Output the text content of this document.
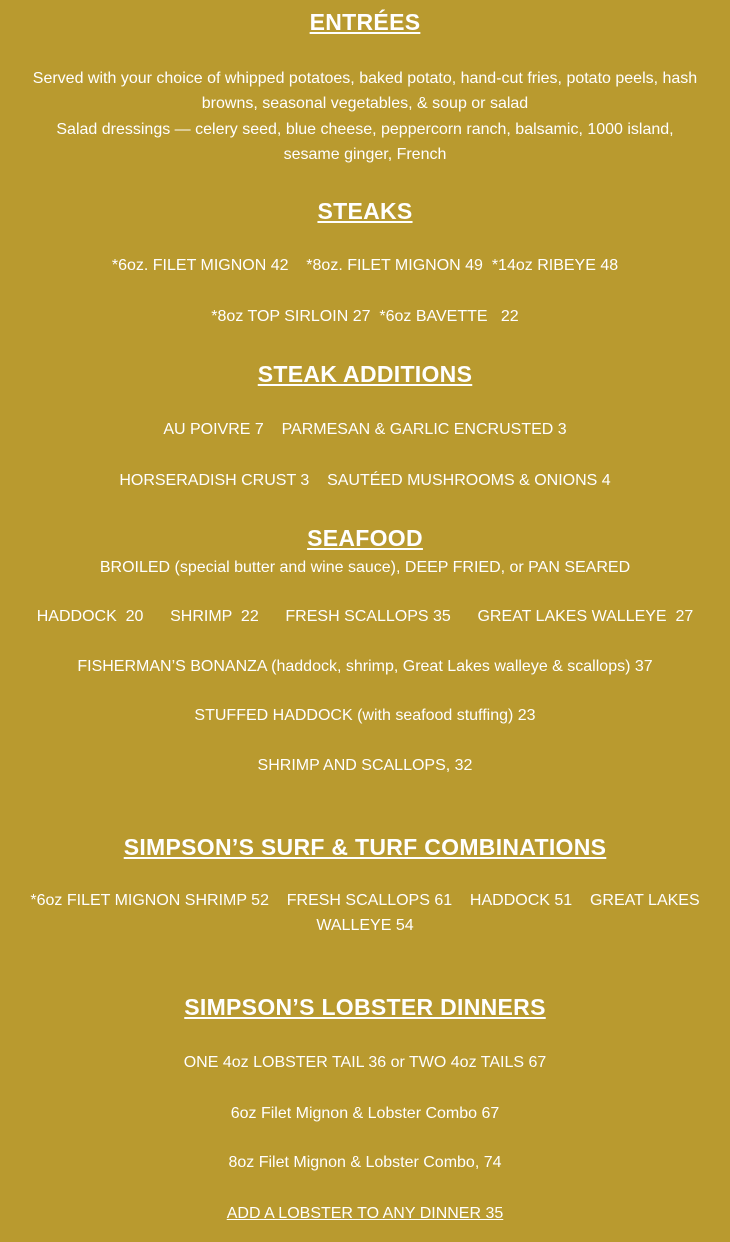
ENTRÉES

Served with your choice of whipped potatoes, baked potato, hand-cut fries, potato peels, hash browns, seasonal vegetables, & soup or salad

Salad dressings — celery seed, blue cheese, peppercorn ranch, balsamic, 1000 island, sesame ginger, French

STEAKS

*6oz. FILET MIGNON 42    *8oz. FILET MIGNON 49  *14oz RIBEYE 48

*8oz TOP SIRLOIN 27  *6oz BAVETTE   22

STEAK ADDITIONS

AU POIVRE 7    PARMESAN & GARLIC ENCRUSTED 3

HORSERADISH CRUST 3    SAUTÉED MUSHROOMS & ONIONS 4

SEAFOOD

BROILED (special butter and wine sauce), DEEP FRIED, or PAN SEARED

HADDOCK  20      SHRIMP  22      FRESH SCALLOPS 35      GREAT LAKES WALLEYE  27

FISHERMAN’S BONANZA (haddock, shrimp, Great Lakes walleye & scallops) 37

STUFFED HADDOCK (with seafood stuffing) 23

SHRIMP AND SCALLOPS, 32

SIMPSON’S SURF & TURF COMBINATIONS

*6oz FILET MIGNON SHRIMP 52    FRESH SCALLOPS 61    HADDOCK 51    GREAT LAKES WALLEYE 54

SIMPSON’S LOBSTER DINNERS

ONE 4oz LOBSTER TAIL 36 or TWO 4oz TAILS 67

6oz Filet Mignon & Lobster Combo 67

8oz Filet Mignon & Lobster Combo, 74

ADD A LOBSTER TO ANY DINNER 35
